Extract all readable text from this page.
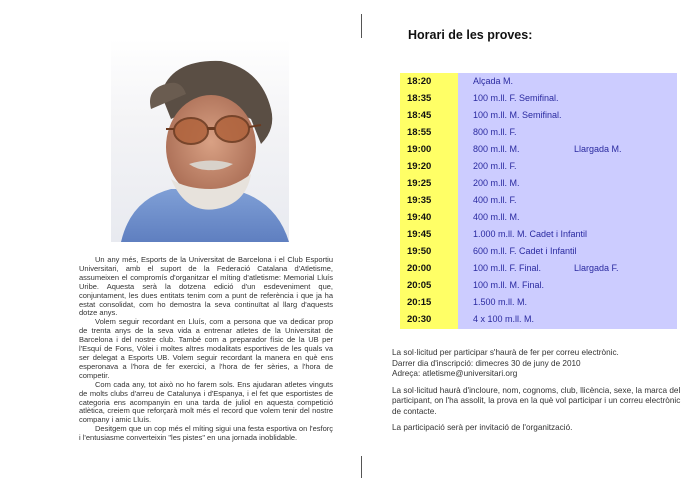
Un any més, Esports de la Universitat de Barcelona i el Club Esportiu Universitari, amb el suport de la Federació Catalana d'Atletisme, assumeixen el compromís d'organitzar el míting d'atletisme: Memorial Lluís Uribe. Aquesta serà la dotzena edició d'un esdeveniment que, conjuntament, les dues entitats tenim com a punt de referència i que ja ha estat consolidat, com ho demostra la seva continuïtat al llarg d'aquests dotze anys.

Volem seguir recordant en Lluís, com a persona que va dedicar prop de trenta anys de la seva vida a entrenar atletes de la Universitat de Barcelona i del nostre club. També com a preparador físic de la UB per l'Esquí de Fons, Vòlei i moltes altres modalitats esportives de les quals va ser delegat a Esports UB. Volem seguir recordant la manera en què ens esperonava a l'hora de fer exercici, a l'hora de fer sèries, a l'hora de competir.

Com cada any, tot això no ho farem sols. Ens ajudaran atletes vinguts de molts clubs d'arreu de Catalunya i d'Espanya, i el fet que esportistes de categoria ens acompanyin en una tarda de juliol en aquesta competició atlètica, creiem que reforçarà molt més el record que volem tenir del nostre company i amic Lluís.

Desitgem que un cop més el míting sigui una festa esportiva on l'esforç i l'entusiasme converteixin "les pistes" en una jornada inoblidable.

Horari de les proves:
18:20	Alçada M.
18:35	100 m.ll. F. Semifinal.
18:45	100 m.ll. M. Semifinal.
18:55	800 m.ll. F.
19:00	800 m.ll. M.	Llargada M.
19:20	200 m.ll. F.
19:25	200 m.ll. M.
19:35	400 m.ll. F.
19:40	400 m.ll. M.
19:45	1.000 m.ll. M. Cadet i Infantil
19:50	600 m.ll. F. Cadet i Infantil
20:00	100 m.ll. F. Final.	Llargada F.
20:05	100 m.ll. M. Final.
20:15	1.500 m.ll. M.
20:30	4 x 100 m.ll. M.

La sol·licitud per participar s'haurà de fer per correu electrònic.

Darrer dia d'inscripció: dimecres 30 de juny de 2010

Adreça: atletisme@universitari.org

La sol·licitud haurà d'incloure, nom, cognoms, club, llicència, sexe, la marca del participant, on l'ha assolit, la prova en la què vol participar i un correu electrònic de contacte.

La participació serà per invitació de l'organització.
